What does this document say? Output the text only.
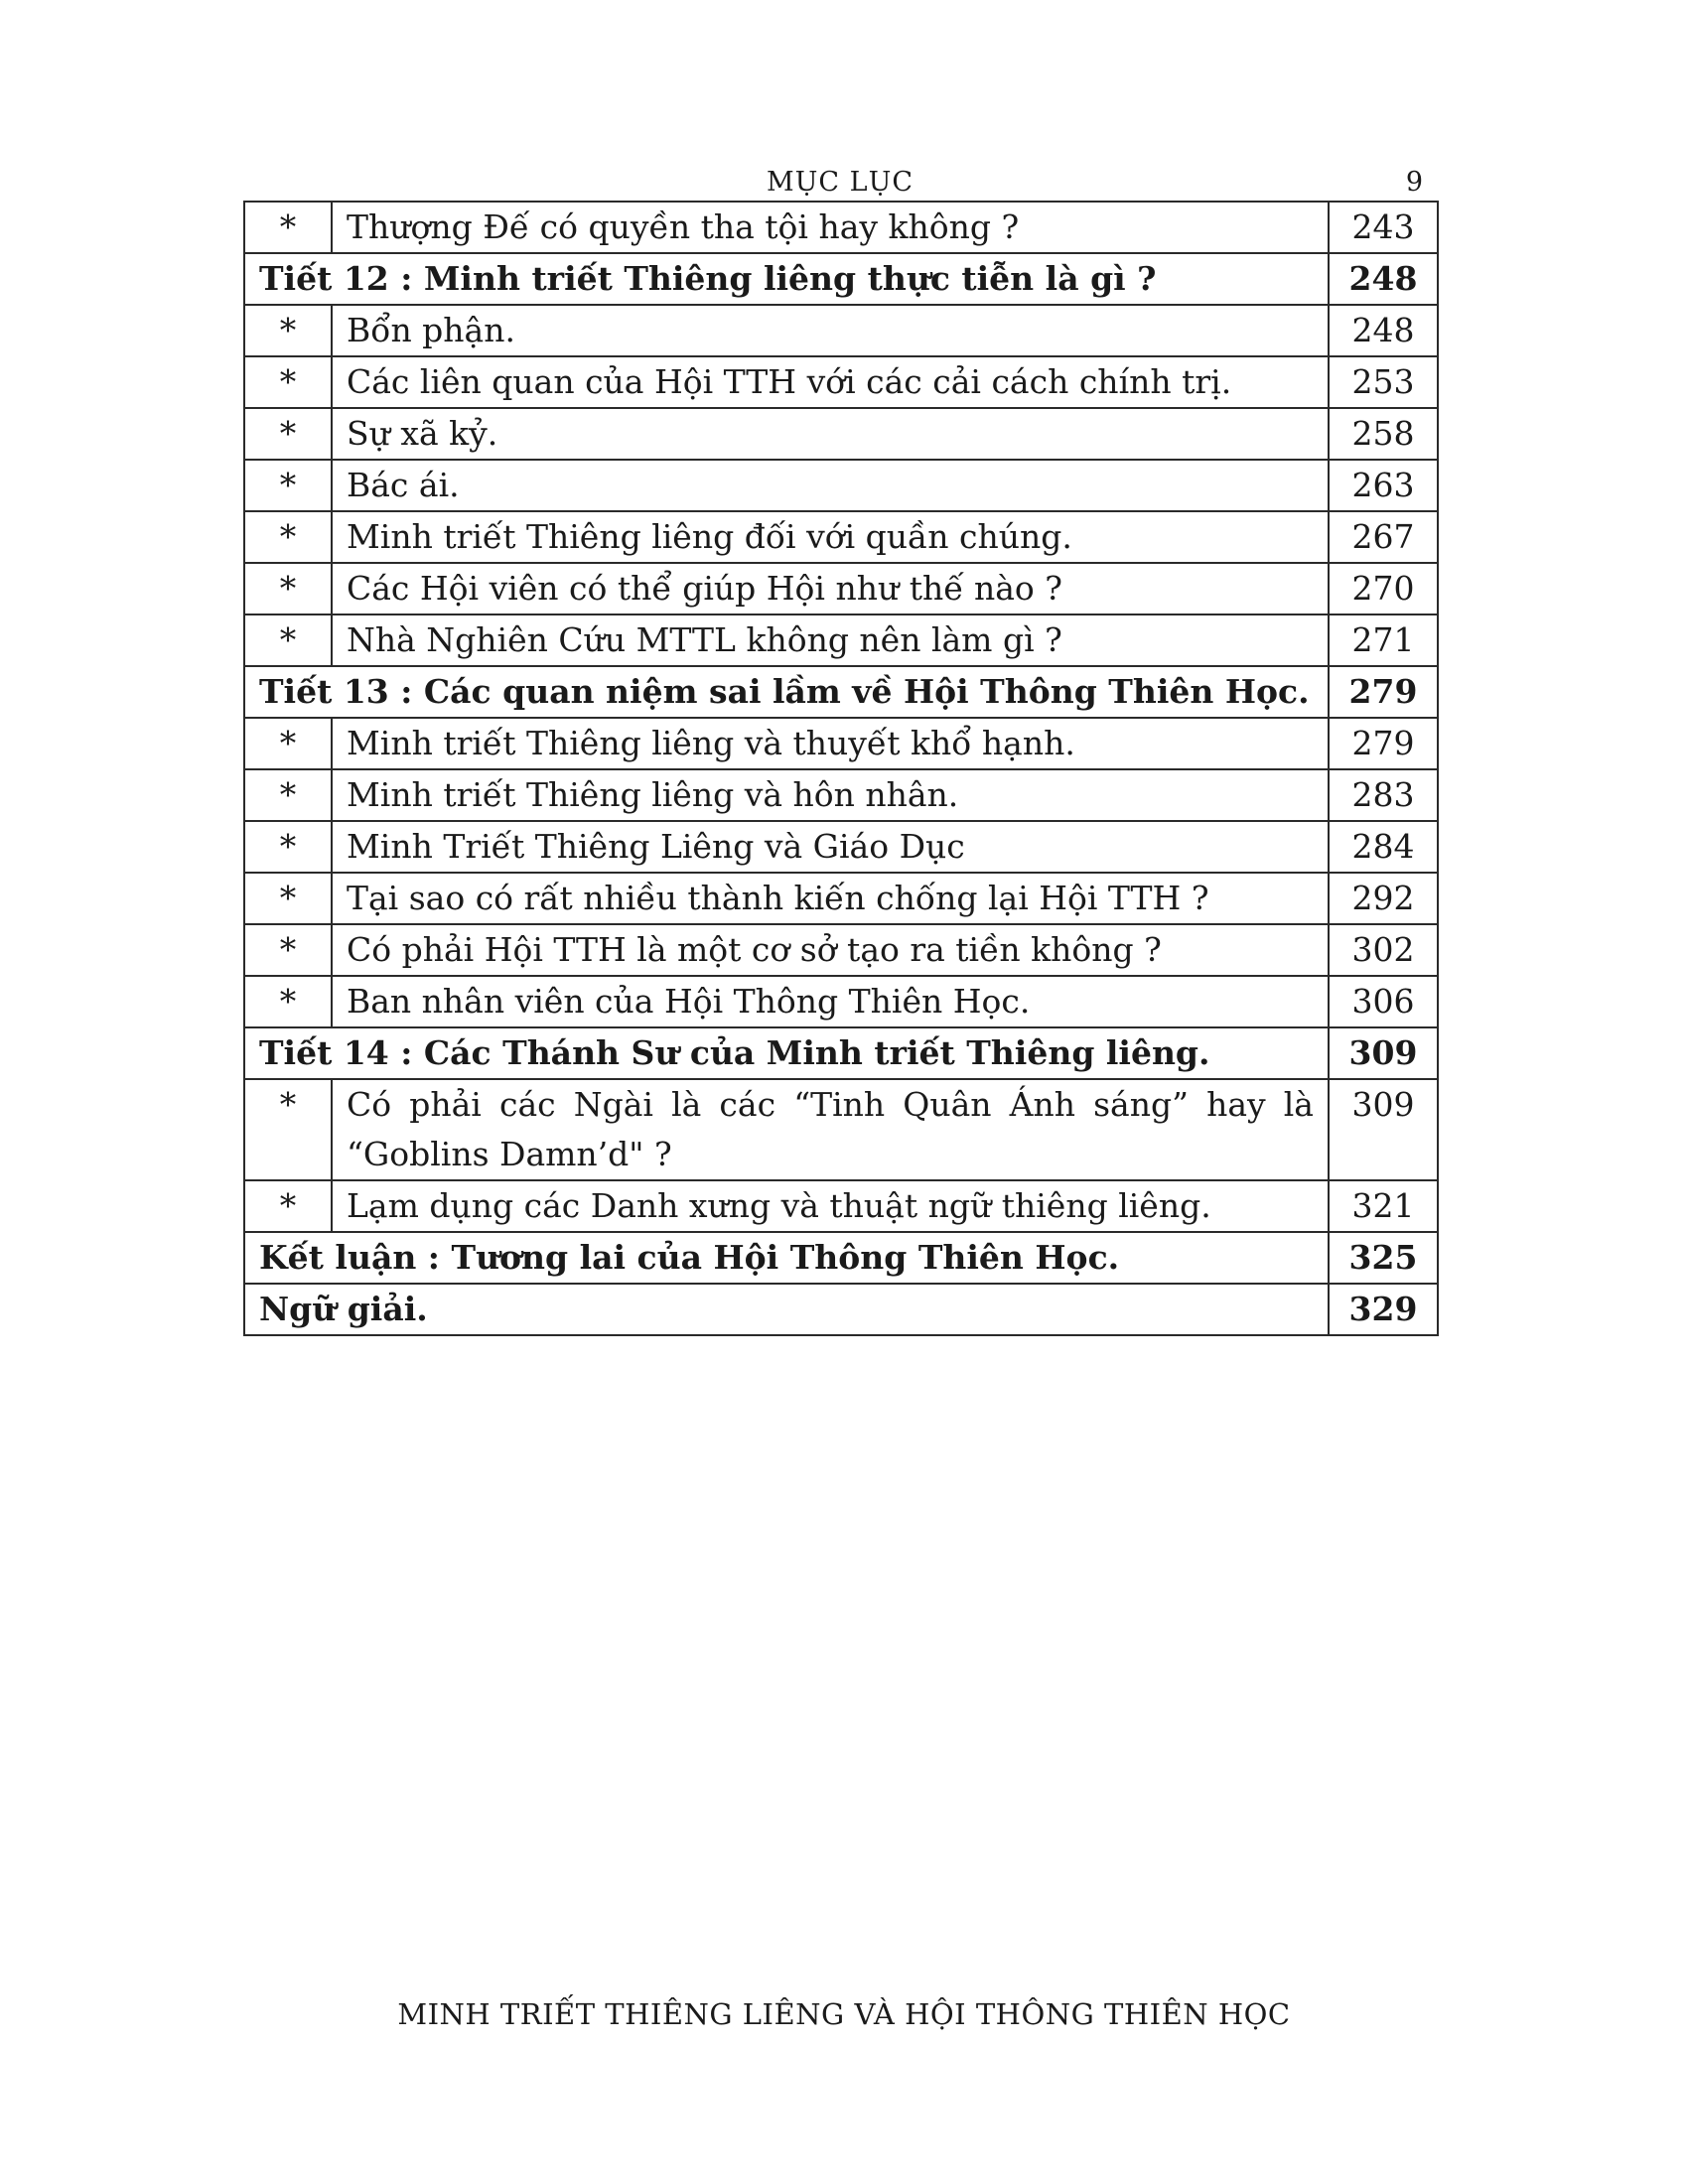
MỤC LỤC	9
*	Thượng Đế có quyền tha tội hay không ?	243
Tiết 12 : Minh triết Thiêng liêng thực tiễn là gì ?		248
*	Bổn phận.	248
*	Các liên quan của Hội TTH với các cải cách chính trị.	253
*	Sự xã kỷ.	258
*	Bác ái.	263
*	Minh triết Thiêng liêng đối với quần chúng.	267
*	Các Hội viên có thể giúp Hội như thế nào ?	270
*	Nhà Nghiên Cứu MTTL không nên làm gì ?	271
Tiết 13 : Các quan niệm sai lầm về Hội Thông Thiên Học.		279
*	Minh triết Thiêng liêng và thuyết khổ hạnh.	279
*	Minh triết Thiêng liêng và hôn nhân.	283
*	Minh Triết Thiêng Liêng và Giáo Dục	284
*	Tại sao có rất nhiều thành kiến chống lại Hội TTH ?	292
*	Có phải Hội TTH là một cơ sở tạo ra tiền không ?	302
*	Ban nhân viên của Hội Thông Thiên Học.	306
Tiết 14 : Các Thánh Sư của Minh triết Thiêng liêng.		309
*	Có phải các Ngài là các “Tinh Quân Ánh sáng” hay là “Goblins Damn’d" ?	309
*	Lạm dụng các Danh xưng và thuật ngữ thiêng liêng.	321
Kết luận : Tương lai của Hội Thông Thiên Học.		325
Ngữ giải.		329
MINH TRIẾT THIÊNG LIÊNG VÀ HỘI THÔNG THIÊN HỌC
